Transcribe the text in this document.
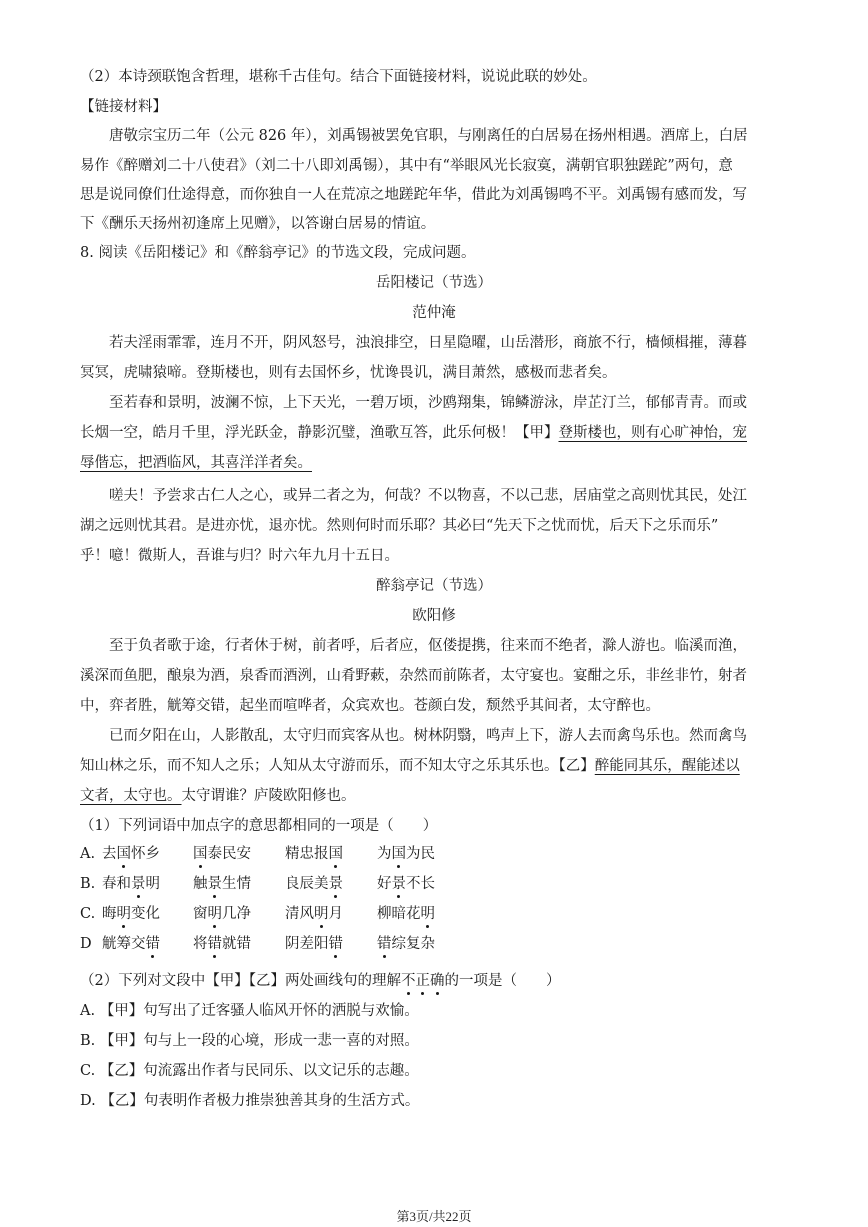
（2）本诗颈联饱含哲理，堪称千古佳句。结合下面链接材料，说说此联的妙处。
【链接材料】
唐敬宗宝历二年（公元 826 年），刘禹锡被罢免官职，与刚离任的白居易在扬州相遇。酒席上，白居
易作《醉赠刘二十八使君》（刘二十八即刘禹锡），其中有“举眼风光长寂寞，满朝官职独蹉跎”两句，意
思是说同僚们仕途得意，而你独自一人在荒凉之地蹉跎年华，借此为刘禹锡鸣不平。刘禹锡有感而发，写
下《酬乐天扬州初逢席上见赠》，以答谢白居易的情谊。
8. 阅读《岳阳楼记》和《醉翁亭记》的节选文段，完成问题。
岳阳楼记（节选）
范仲淹
若夫淫雨霏霏，连月不开，阴风怒号，浊浪排空，日星隐曜，山岳潜形，商旅不行，樯倾楫摧，薄暮
冥冥，虎啸猿啼。登斯楼也，则有去国怀乡，忧谗畏讥，满目萧然，感极而悲者矣。
至若春和景明，波澜不惊，上下天光，一碧万顷，沙鸥翔集，锦鳞游泳，岸芷汀兰，郁郁青青。而或
长烟一空，皓月千里，浮光跃金，静影沉璧，渔歌互答，此乐何极！【甲】登斯楼也，则有心旷神怡，宠
辱偕忘，把酒临风，其喜洋洋者矣。
嗟夫！予尝求古仁人之心，或异二者之为，何哉？不以物喜，不以己悲，居庙堂之高则忧其民，处江
湖之远则忧其君。是进亦忧，退亦忧。然则何时而乐耶？其必曰“先天下之忧而忧，后天下之乐而乐”
乎！噫！微斯人，吾谁与归？时六年九月十五日。
醉翁亭记（节选）
欧阳修
至于负者歌于途，行者休于树，前者呼，后者应，伛偻提携，往来而不绝者，滁人游也。临溪而渔，
溪深而鱼肥，酿泉为酒，泉香而酒洌，山肴野蔌，杂然而前陈者，太守宴也。宴酣之乐，非丝非竹，射者
中，弈者胜，觥筹交错，起坐而喧哗者，众宾欢也。苍颜白发，颓然乎其间者，太守醉也。
已而夕阳在山，人影散乱，太守归而宾客从也。树林阴翳，鸣声上下，游人去而禽鸟乐也。然而禽鸟
知山林之乐，而不知人之乐；人知从太守游而乐，而不知太守之乐其乐也。【乙】醉能同其乐，醒能述以
文者，太守也。太守谓谁？庐陵欧阳修也。
（1）下列词语中加点字的意思都相同的一项是（　　）
A. 去国怀乡 国泰民安 精忠报国 为国为民
B. 春和景明 触景生情 良辰美景 好景不长
C. 晦明变化 窗明几净 清风明月 柳暗花明
D 觥筹交错 将错就错 阴差阳错 错综复杂
（2）下列对文段中【甲】【乙】两处画线句的理解不正确的一项是（　　）
A. 【甲】句写出了迁客骚人临风开怀的洒脱与欢愉。
B. 【甲】句与上一段的心境，形成一悲一喜的对照。
C. 【乙】句流露出作者与民同乐、以文记乐的志趣。
D. 【乙】句表明作者极力推崇独善其身的生活方式。
第3页/共22页
